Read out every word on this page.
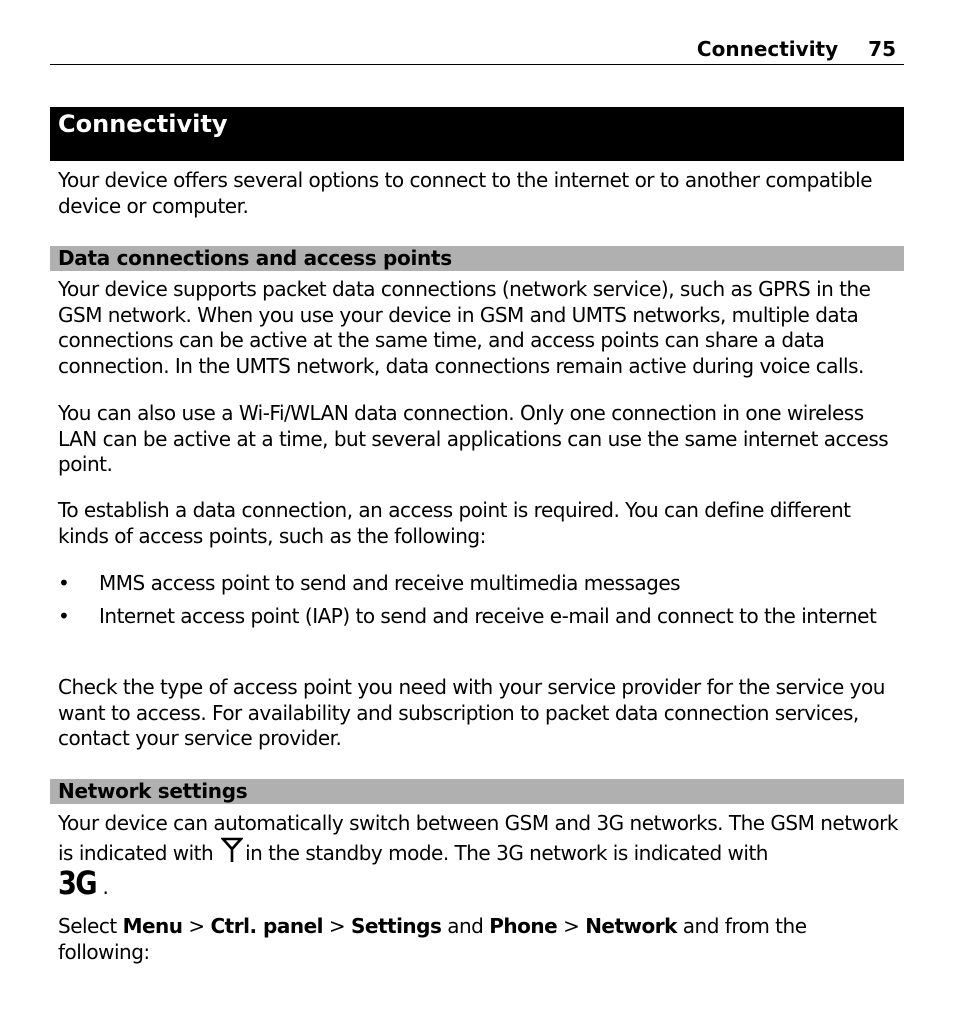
Connectivity 75
Connectivity

Your device offers several options to connect to the internet or to another compatible device or computer.

Data connections and access points

Your device supports packet data connections (network service), such as GPRS in the GSM network. When you use your device in GSM and UMTS networks, multiple data connections can be active at the same time, and access points can share a data connection. In the UMTS network, data connections remain active during voice calls.

You can also use a Wi-Fi/WLAN data connection. Only one connection in one wireless LAN can be active at a time, but several applications can use the same internet access point.

To establish a data connection, an access point is required. You can define different kinds of access points, such as the following:

• MMS access point to send and receive multimedia messages
• Internet access point (IAP) to send and receive e-mail and connect to the internet

Check the type of access point you need with your service provider for the service you want to access. For availability and subscription to packet data connection services, contact your service provider.

Network settings

Your device can automatically switch between GSM and 3G networks. The GSM network is indicated with in the standby mode. The 3G network is indicated with
3G .

Select Menu > Ctrl. panel > Settings and Phone > Network and from the following:
